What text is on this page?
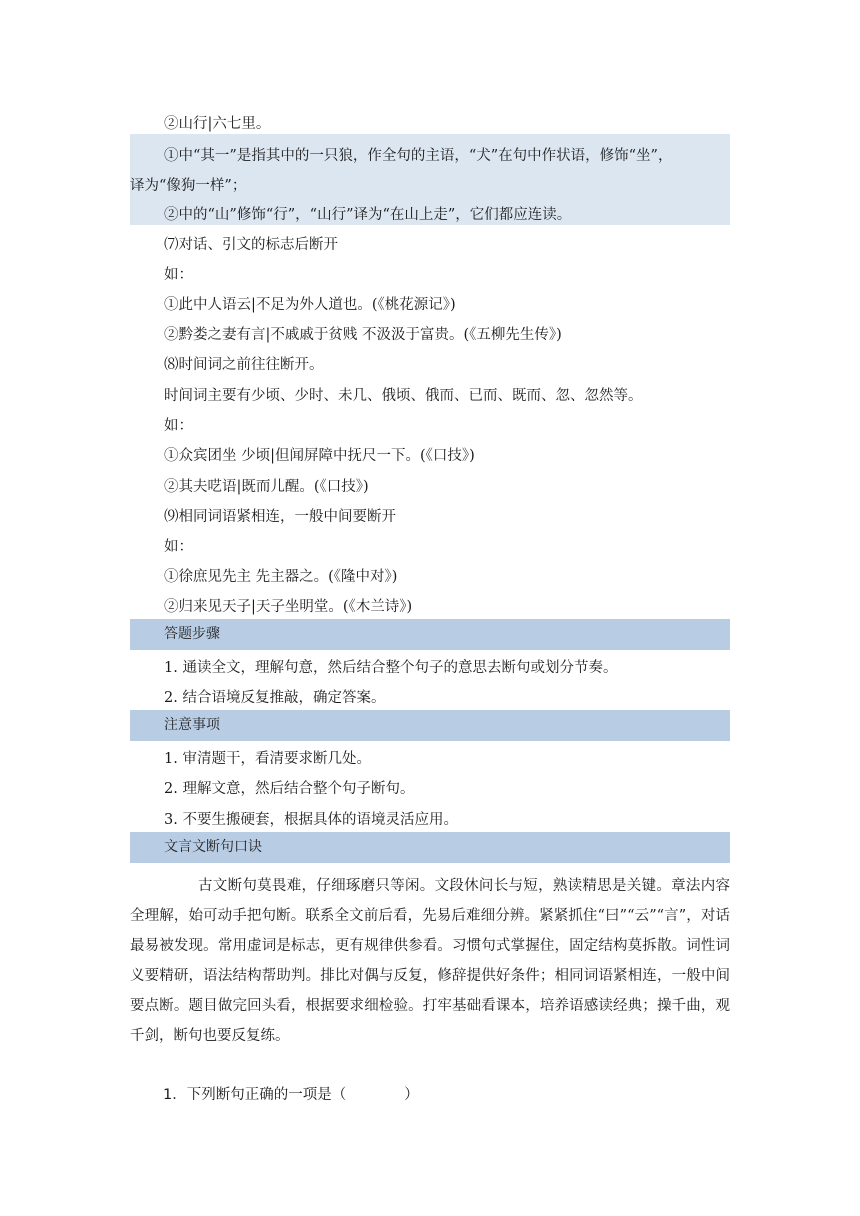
②山行|六七里。
①中“其一”是指其中的一只狼，作全句的主语，“犬”在句中作状语，修饰“坐”，
译为“像狗一样”；
②中的“山”修饰“行”，“山行”译为“在山上走”，它们都应连读。
⑺对话、引文的标志后断开
如：
①此中人语云|不足为外人道也。(《桃花源记》)
②黔娄之妻有言|不戚戚于贫贱 不汲汲于富贵。(《五柳先生传》)
⑻时间词之前往往断开。
时间词主要有少顷、少时、未几、俄顷、俄而、已而、既而、忽、忽然等。
如：
①众宾团坐 少顷|但闻屏障中抚尺一下。(《口技》)
②其夫呓语|既而儿醒。(《口技》)
⑼相同词语紧相连，一般中间要断开
如：
①徐庶见先主 先主器之。(《隆中对》)
②归来见天子|天子坐明堂。(《木兰诗》)
答题步骤
1. 通读全文，理解句意，然后结合整个句子的意思去断句或划分节奏。
2. 结合语境反复推敲，确定答案。
注意事项
1. 审清题干，看清要求断几处。
2. 理解文意，然后结合整个句子断句。
3. 不要生搬硬套，根据具体的语境灵活应用。
文言文断句口诀
古文断句莫畏难，仔细琢磨只等闲。文段休问长与短，熟读精思是关键。章法内容全理解，始可动手把句断。联系全文前后看，先易后难细分辨。紧紧抓住“曰”“云”“言”，对话最易被发现。常用虚词是标志，更有规律供参看。习惯句式掌握住，固定结构莫拆散。词性词义要精研，语法结构帮助判。排比对偶与反复，修辞提供好条件；相同词语紧相连，一般中间要点断。题目做完回头看，根据要求细检验。打牢基础看课本，培养语感读经典；操千曲，观千剑，断句也要反复练。
1．下列断句正确的一项是（　　　　）
